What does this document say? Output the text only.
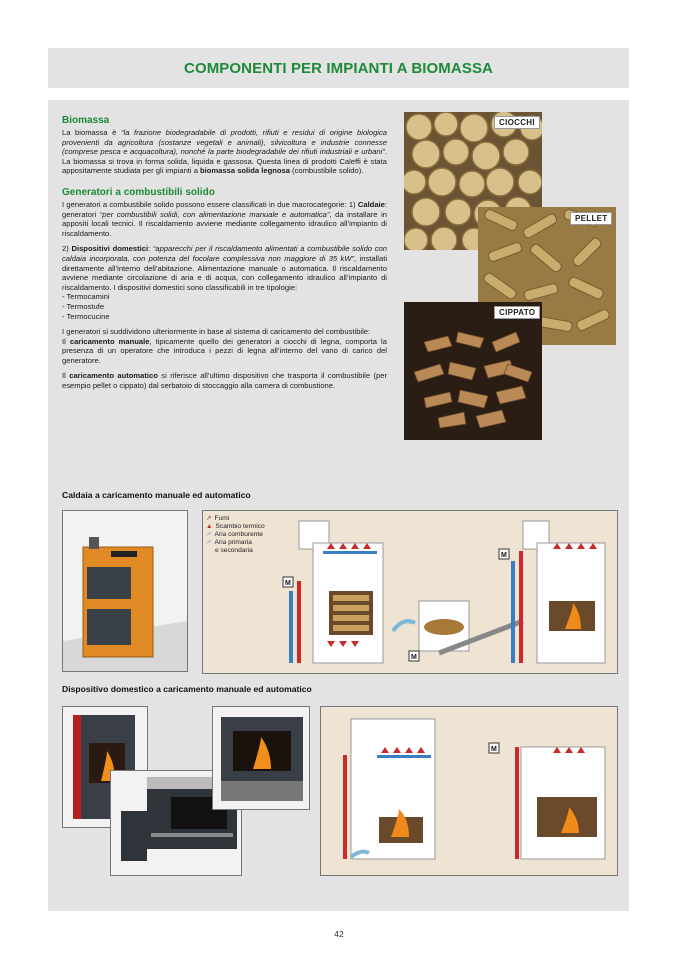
COMPONENTI PER IMPIANTI A BIOMASSA
Biomassa

La biomassa è “la frazione biodegradabile di prodotti, rifiuti e residui di origine biologica provenienti da agricoltura (sostanze vegetali e animali), silvicoltura e industrie connesse (comprese pesca e acquacoltura), nonché la parte biodegradabile dei rifiuti industriali e urbani”. La biomassa si trova in forma solida, liquida e gassosa. Questa linea di prodotti Caleffi è stata appositamente studiata per gli impianti a biomassa solida legnosa (combustibile solido).

Generatori a combustibili solido

I generatori a combustibile solido possono essere classificati in due macrocategorie: 1) Caldaie: generatori “per combustibili solidi, con alimentazione manuale e automatica”, da installare in appositi locali tecnici. Il riscaldamento avviene mediante collegamento idraulico all’impianto di riscaldamento.

2) Dispositivi domestici: “apparecchi per il riscaldamento alimentati a combustibile solido con caldaia incorporata, con potenza del focolare complessiva non maggiore di 35 kW”, installati direttamente all’interno dell’abitazione. Alimentazione manuale o automatica. Il riscaldamento avviene mediante circolazione di aria e di acqua, con collegamento idraulico all’impianto di riscaldamento. I dispositivi domestici sono classificabili in tre tipologie:

- Termocamini
- Termostufe
- Termocucine

I generatori si suddividono ulteriormente in base al sistema di caricamento del combustibile:

Il caricamento manuale, tipicamente quello dei generatori a ciocchi di legna, comporta la presenza di un operatore che introduca i pezzi di legna all’interno del vano di carico del generatore.

Il caricamento automatico si riferisce all’ultimo dispositivo che trasporta il combustibile (per esempio pellet o cippato) dal serbatoio di stoccaggio alla camera di combustione.

CIOCCHI
PELLET
CIPPATO
Caldaia a caricamento manuale ed automatico
M
M
M
↗ Fumi
▲ Scambio termico
↗ Aria comburente
↗ Aria primaria
e secondaria
Dispositivo domestico a caricamento manuale ed automatico
M
42
